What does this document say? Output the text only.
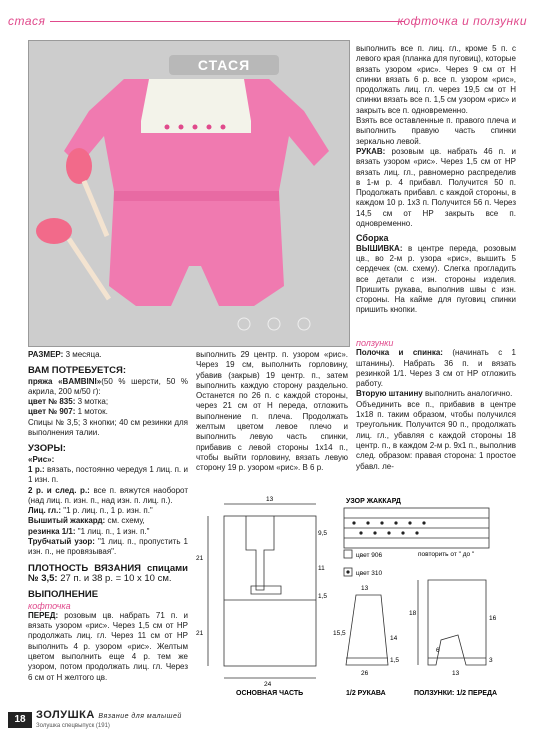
стася	кофточка и ползунки
СТАСЯ

выполнить все п. лиц. гл., кроме 5 п. с левого края (планка для пуговиц), которые вязать узором «рис». Через 9 см от Н спинки вязать 6 р. все п. узором «рис», продолжать лиц. гл. через 19,5 см от Н спинки вязать все п. 1,5 см узором «рис» и закрыть все п. одновременно.

Взять все оставленные п. правого плеча и выполнить правую часть спинки зеркально левой.

РУКАВ: розовым цв. набрать 46 п. и вязать узором «рис». Через 1,5 см от НР вязать лиц. гл., равномерно распределив в 1-м р. 4 прибавл. Получится 50 п. Продолжать прибавл. с каждой стороны, в каждом 10 р. 1х3 п. Получится 56 п. Через 14,5 см от НР закрыть все п. одновременно.

Сборка

ВЫШИВКА: в центре переда, розовым цв., во 2-м р. узора «рис», вышить 5 сердечек (см. схему). Слегка прогладить все детали с изн. стороны изделия. Пришить рукава, выполнив швы с изн. стороны. На кайме для пуговиц спинки пришить кнопки.

РАЗМЕР: 3 месяца.

ВАМ ПОТРЕБУЕТСЯ:

пряжа «BAMBINI»(50 % шерсти, 50 % акрила, 200 м/50 г):

цвет № 835: 3 мотка;

цвет № 907: 1 моток.

Спицы № 3,5; 3 кнопки; 40 см резинки для выполнения талии.

УЗОРЫ:

«Рис»:

1 р.: вязать, постоянно чередуя 1 лиц. п. и 1 изн. п.

2 р. и след. р.: все п. вяжутся наоборот (над лиц. п. изн. п., над изн. п. лиц. п.).

Лиц. гл.: "1 р. лиц. п., 1 р. изн. п."

Вышитый жаккард: см. схему,

резинка 1/1: "1 лиц. п., 1 изн. п."

Трубчатый узор: "1 лиц. п., пропустить 1 изн. п., не провязывая".

ПЛОТНОСТЬ ВЯЗАНИЯ спицами № 3,5: 27 п. и 38 р. = 10 х 10 см.

ВЫПОЛНЕНИЕ

кофточка

ПЕРЕД: розовым цв. набрать 71 п. и вязать узором «рис». Через 1,5 см от НР продолжать лиц. гл. Через 11 см от НР выполнить 4 р. узором «рис». Желтым цветом выполнить еще 4 р. тем же узором, потом продолжать лиц. гл. Через 6 см от Н желтого цв.

выполнить 29 центр. п. узором «рис». Через 19 см, выполнить горловину, убавив (закрыв) 19 центр. п., затем выполнить каждую сторону раздельно. Останется по 26 п. с каждой стороны, через 21 см от Н переда, отложить выполнение п. плеча. Продолжать желтым цветом левое плечо и выполнить левую часть спинки, прибавив с левой стороны 1х14 п., чтобы выйти горловину, вязать левую сторону 19 р. узором «рис». В 6 р.

ползунки

Полочка и спинка: (начинать с 1 штанины). Набрать 36 п. и вязать резинкой 1/1. Через 3 см от НР отложить работу.

Вторую штанину выполнить аналогично.

Объединить все п., прибавив в центре 1х18 п. таким образом, чтобы получился треугольник. Получится 90 п., продолжать лиц. гл., убавляя с каждой стороны 18 центр. п., в каждом 2-м р. 9х1 п., выполнив след. образом: правая сторона: 1 простое убавл. ле-

УЗОР ЖАККАРД
цвет 906
цвет 310
повторить от " до "
ОСНОВНАЯ ЧАСТЬ	1/2 РУКАВА	ПОЛЗУНКИ: 1/2 ПЕРЕДА
13
9,5
21
11
1,5
21
24
26
13
15,5
14
1,5
18
16
3
13
6
18 ЗОЛУШКА Вязание для малышей
Золушка спецвыпуск (191)
